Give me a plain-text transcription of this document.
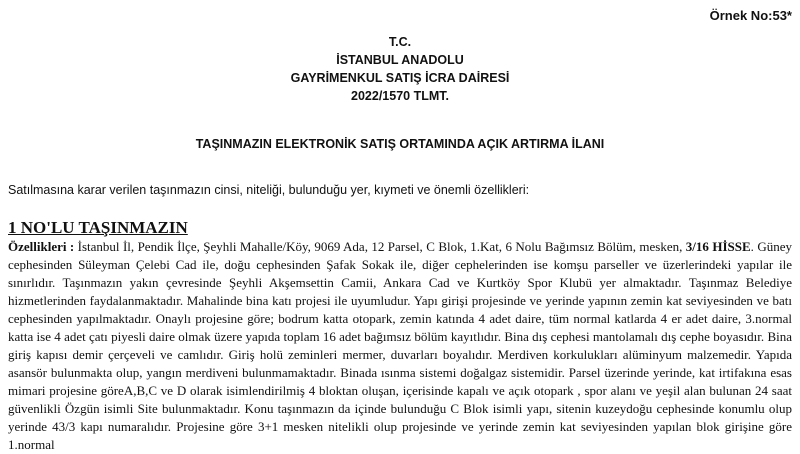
Örnek No:53*
T.C.
İSTANBUL ANADOLU
GAYRİMENKUL SATIŞ İCRA DAİRESİ
2022/1570 TLMT.
TAŞINMAZIN ELEKTRONİK SATIŞ ORTAMINDA AÇIK ARTIRMA İLANI
Satılmasına karar verilen taşınmazın cinsi, niteliği, bulunduğu yer, kıymeti ve önemli özellikleri:
1 NO'LU TAŞINMAZIN
Özellikleri : İstanbul İl, Pendik İlçe, Şeyhli Mahalle/Köy, 9069 Ada, 12 Parsel, C Blok, 1.Kat, 6 Nolu Bağımsız Bölüm, mesken, 3/16 HİSSE. Güney cephesinden Süleyman Çelebi Cad ile, doğu cephesinden Şafak Sokak ile, diğer cephelerinden ise komşu parseller ve üzerlerindeki yapılar ile sınırlıdır. Taşınmazın yakın çevresinde Şeyhli Akşemsettin Camii, Ankara Cad ve Kurtköy Spor Klubü yer almaktadır. Taşınmaz Belediye hizmetlerinden faydalanmaktadır. Mahalinde bina katı projesi ile uyumludur. Yapı girişi projesinde ve yerinde yapının zemin kat seviyesinden ve batı cephesinden yapılmaktadır. Onaylı projesine göre; bodrum katta otopark, zemin katında 4 adet daire, tüm normal katlarda 4 er adet daire, 3.normal katta ise 4 adet çatı piyesli daire olmak üzere yapıda toplam 16 adet bağımsız bölüm kayıtlıdır. Bina dış cephesi mantolamalı dış cephe boyasıdır. Bina giriş kapısı demir çerçeveli ve camlıdır. Giriş holü zeminleri mermer, duvarları boyalıdır. Merdiven korkulukları alüminyum malzemedir. Yapıda asansör bulunmakta olup, yangın merdiveni bulunmamaktadır. Binada ısınma sistemi doğalgaz sistemidir. Parsel üzerinde yerinde, kat irtifakına esas mimari projesine göreA,B,C ve D olarak isimlendirilmiş 4 bloktan oluşan, içerisinde kapalı ve açık otopark , spor alanı ve yeşil alan bulunan 24 saat güvenlikli Özgün isimli Site bulunmaktadır. Konu taşınmazın da içinde bulunduğu C Blok isimli yapı, sitenin kuzeydoğu cephesinde konumlu olup yerinde 43/3 kapı numaralıdır. Projesine göre 3+1 mesken nitelikli olup projesinde ve yerinde zemin kat seviyesinden yapılan blok girişine göre 1.normal
